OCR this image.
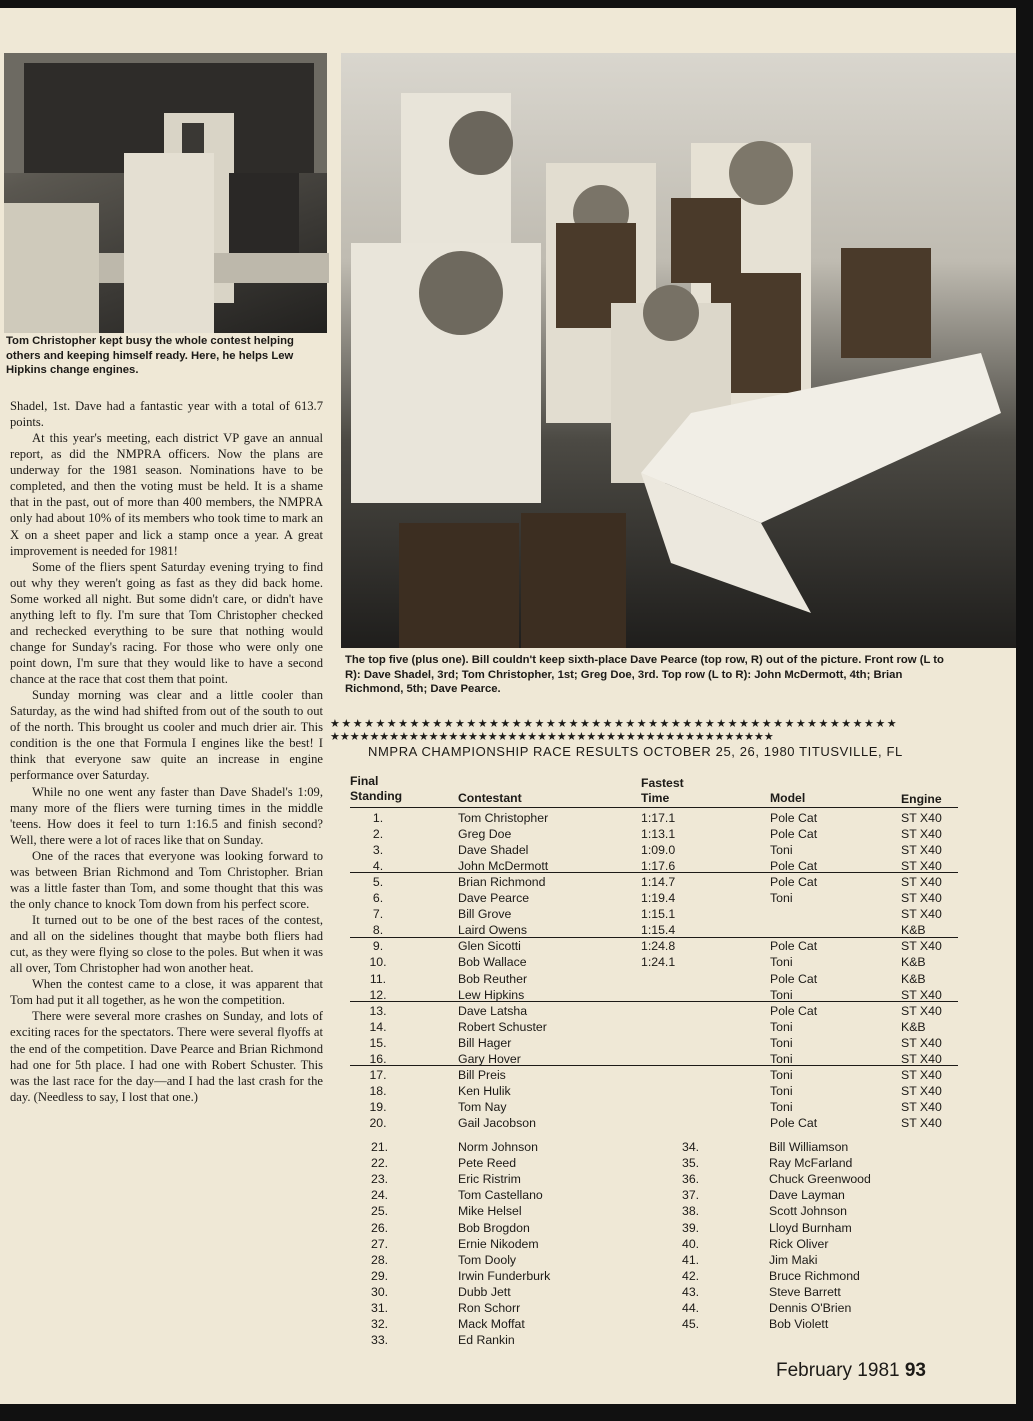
Tom Christopher kept busy the whole contest helping others and keeping himself ready. Here, he helps Lew Hipkins change engines.
The top five (plus one). Bill couldn't keep sixth-place Dave Pearce (top row, R) out of the picture. Front row (L to R): Dave Shadel, 3rd; Tom Christopher, 1st; Greg Doe, 3rd. Top row (L to R): John McDermott, 4th; Brian Richmond, 5th; Dave Pearce.

Shadel, 1st. Dave had a fantastic year with a total of 613.7 points.

At this year's meeting, each district VP gave an annual report, as did the NMPRA officers. Now the plans are underway for the 1981 season. Nominations have to be completed, and then the voting must be held. It is a shame that in the past, out of more than 400 members, the NMPRA only had about 10% of its members who took time to mark an X on a sheet paper and lick a stamp once a year. A great improvement is needed for 1981!

Some of the fliers spent Saturday evening trying to find out why they weren't going as fast as they did back home. Some worked all night. But some didn't care, or didn't have anything left to fly. I'm sure that Tom Christopher checked and rechecked everything to be sure that nothing would change for Sunday's racing. For those who were only one point down, I'm sure that they would like to have a second chance at the race that cost them that point.

Sunday morning was clear and a little cooler than Saturday, as the wind had shifted from out of the south to out of the north. This brought us cooler and much drier air. This condition is the one that Formula I engines like the best! I think that everyone saw quite an increase in engine performance over Saturday.

While no one went any faster than Dave Shadel's 1:09, many more of the fliers were turning times in the middle 'teens. How does it feel to turn 1:16.5 and finish second? Well, there were a lot of races like that on Sunday.

One of the races that everyone was looking forward to was between Brian Richmond and Tom Christopher. Brian was a little faster than Tom, and some thought that this was the only chance to knock Tom down from his perfect score.

It turned out to be one of the best races of the contest, and all on the sidelines thought that maybe both fliers had cut, as they were flying so close to the poles. But when it was all over, Tom Christopher had won another heat.

When the contest came to a close, it was apparent that Tom had put it all together, as he won the competition.

There were several more crashes on Sunday, and lots of exciting races for the spectators. There were several flyoffs at the end of the competition. Dave Pearce and Brian Richmond had one for 5th place. I had one with Robert Schuster. This was the last race for the day—and I had the last crash for the day. (Needless to say, I lost that one.)

★★★★★★★★★★★★★★★★★★★★★★★★★★★★★★★★★★★★★★★★★★★★★★★★★★
★★★★★★★★★★★★★★★★★★★★★★★★★★★★★★★★★★★★★★★★★★★★★
NMPRA CHAMPIONSHIP RACE RESULTS OCTOBER 25, 26, 1980 TITUSVILLE, FL
Final
Standing	Contestant
Fastest
Time	Model	Engine
1.	Tom Christopher	1:17.1	Pole Cat	ST X40
2.	Greg Doe	1:13.1	Pole Cat	ST X40
3.	Dave Shadel	1:09.0	Toni	ST X40
4.	John McDermott	1:17.6	Pole Cat	ST X40
5.	Brian Richmond	1:14.7	Pole Cat	ST X40
6.	Dave Pearce	1:19.4	Toni	ST X40
7.	Bill Grove	1:15.1	ST X40
8.	Laird Owens	1:15.4	K&B
9.	Glen Sicotti	1:24.8	Pole Cat	ST X40
10.	Bob Wallace	1:24.1	Toni	K&B
11.	Bob Reuther	Pole Cat	K&B
12.	Lew Hipkins	Toni	ST X40
13.	Dave Latsha	Pole Cat	ST X40
14.	Robert Schuster	Toni	K&B
15.	Bill Hager	Toni	ST X40
16.	Gary Hover	Toni	ST X40
17.	Bill Preis	Toni	ST X40
18.	Ken Hulik	Toni	ST X40
19.	Tom Nay	Toni	ST X40
20.	Gail Jacobson	Pole Cat	ST X40
21.	Norm Johnson
22.	Pete Reed
23.	Eric Ristrim
24.	Tom Castellano
25.	Mike Helsel
26.	Bob Brogdon
27.	Ernie Nikodem
28.	Tom Dooly
29.	Irwin Funderburk
30.	Dubb Jett
31.	Ron Schorr
32.	Mack Moffat
33.	Ed Rankin
34.	Bill Williamson
35.	Ray McFarland
36.	Chuck Greenwood
37.	Dave Layman
38.	Scott Johnson
39.	Lloyd Burnham
40.	Rick Oliver
41.	Jim Maki
42.	Bruce Richmond
43.	Steve Barrett
44.	Dennis O'Brien
45.	Bob Violett
February 1981 93
